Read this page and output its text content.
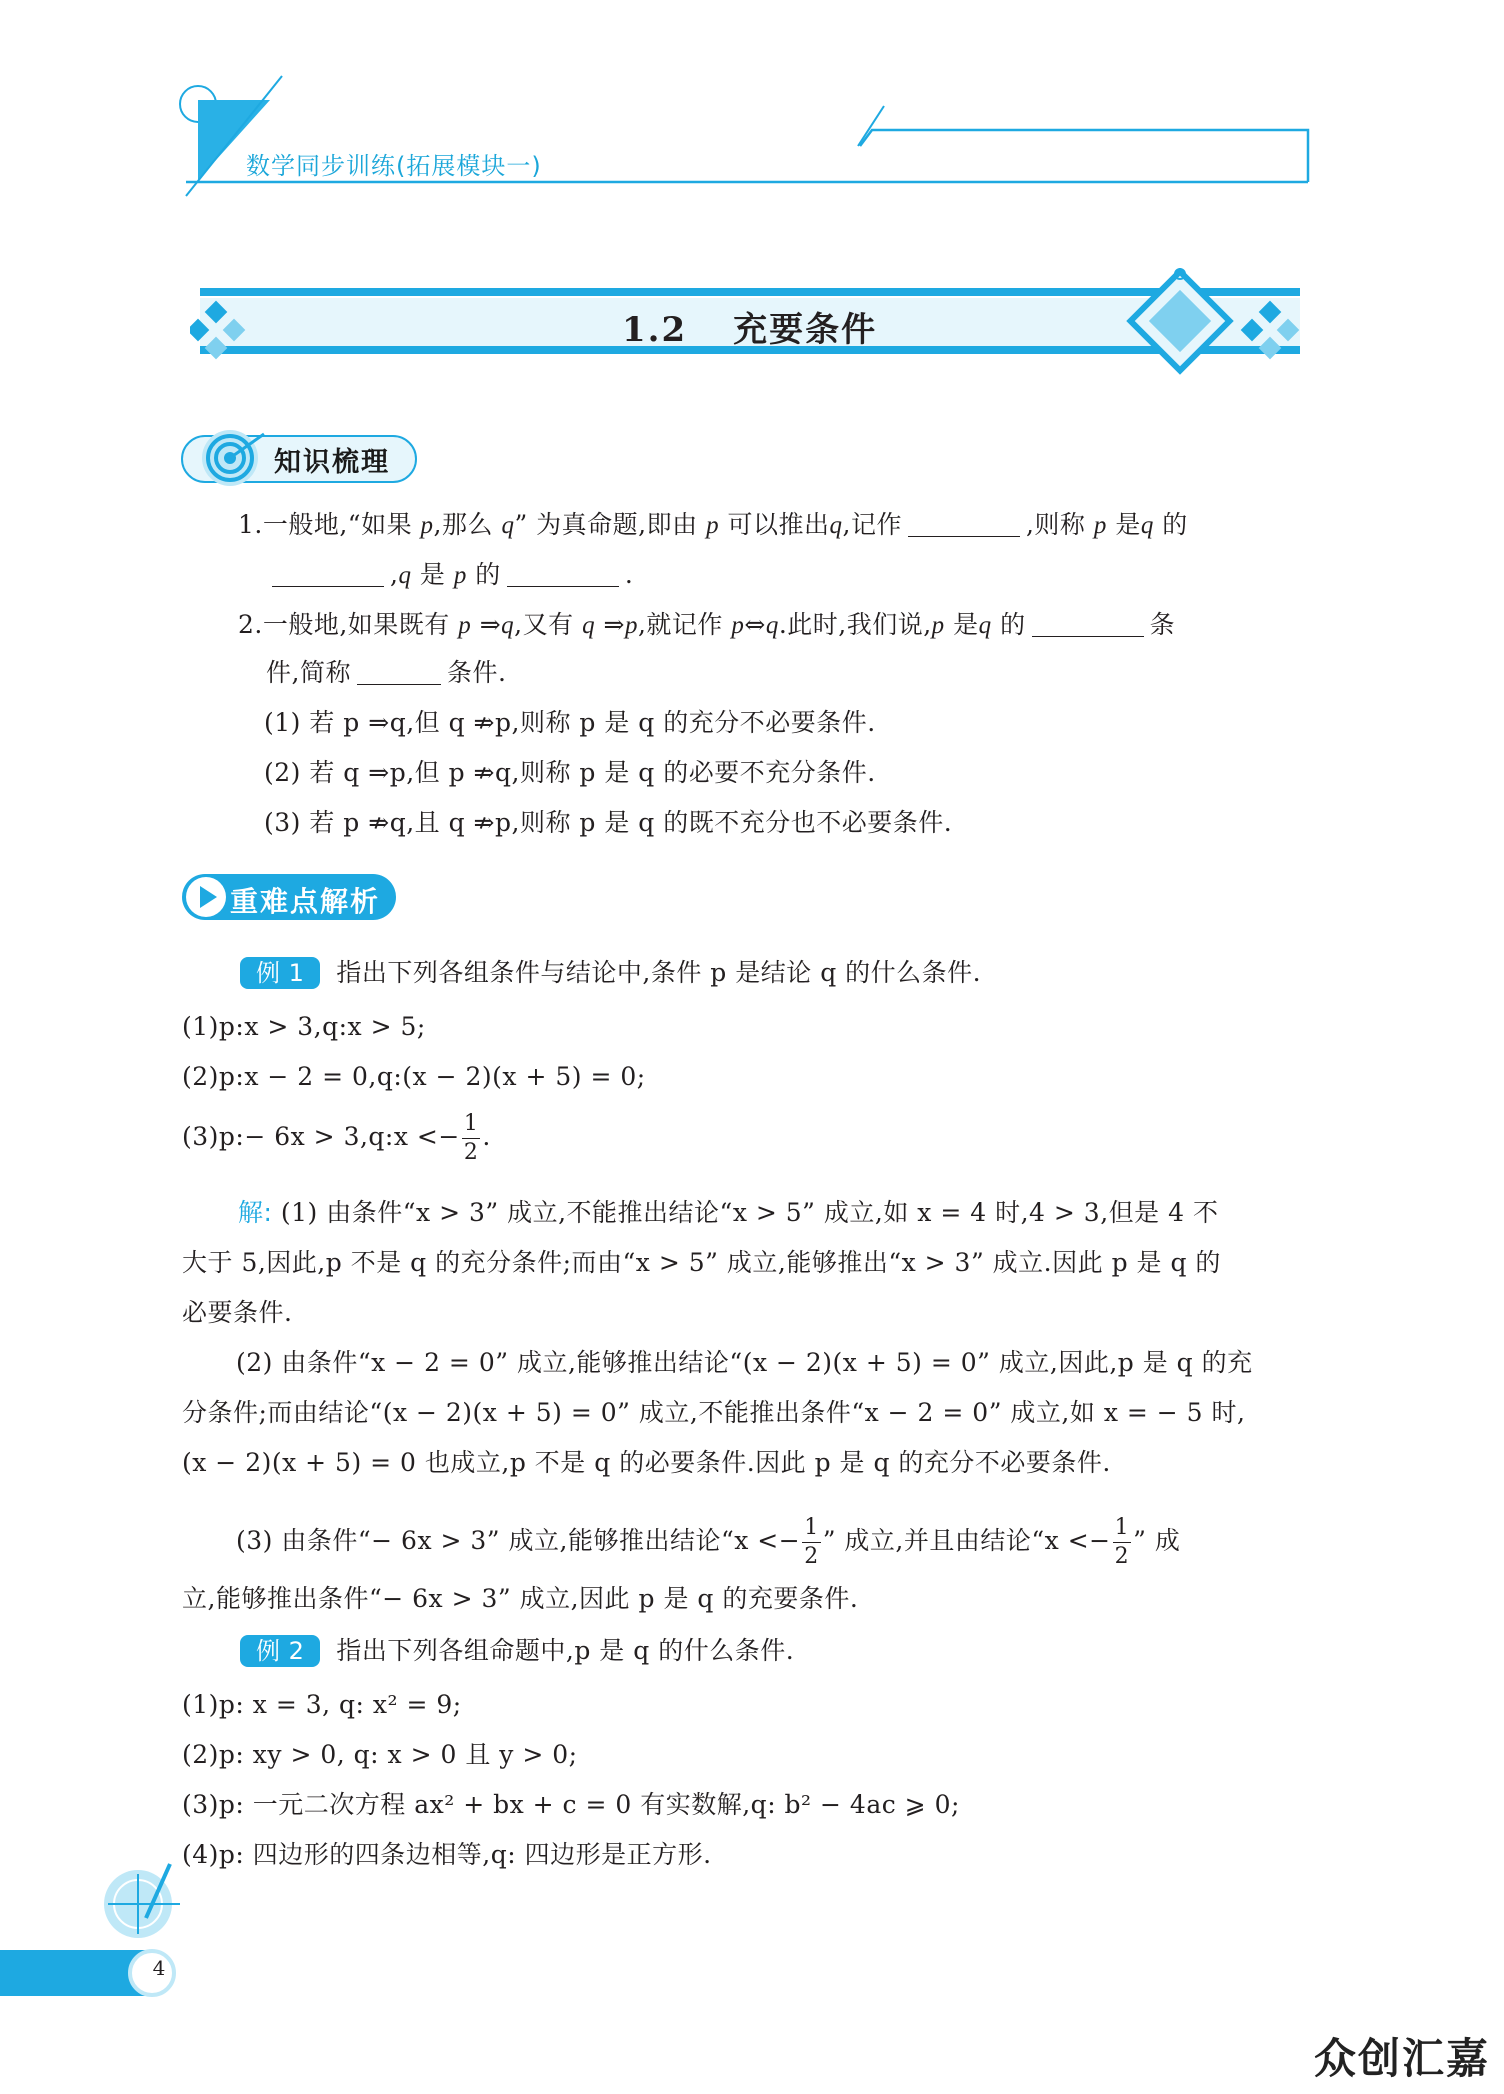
数学同步训练(拓展模块一)
1.2 充要条件
知识梳理
1.一般地,“如果 p,那么 q” 为真命题,即由 p 可以推出q,记作	,则称 p 是q 的
,q 是 p 的	.
2.一般地,如果既有 p ⇒q,又有 q ⇒p,就记作 p⇔q.此时,我们说,p 是q 的	条
件,简称	条件.
(1) 若 p ⇒q,但 q ⇏p,则称 p 是 q 的充分不必要条件.
(2) 若 q ⇒p,但 p ⇏q,则称 p 是 q 的必要不充分条件.
(3) 若 p ⇏q,且 q ⇏p,则称 p 是 q 的既不充分也不必要条件.
重难点解析
例 1 指出下列各组条件与结论中,条件 p 是结论 q 的什么条件.
(1)p:x > 3,q:x > 5;
(2)p:x − 2 = 0,q:(x − 2)(x + 5) = 0;
(3)p:− 6x > 3,q:x <− $\frac{1}{2}$ .
解: (1) 由条件“x > 3” 成立,不能推出结论“x > 5” 成立,如 x = 4 时,4 > 3,但是 4 不
大于 5,因此,p 不是 q 的充分条件;而由“x > 5” 成立,能够推出“x > 3” 成立.因此 p 是 q 的
必要条件.
(2) 由条件“x − 2 = 0” 成立,能够推出结论“(x − 2)(x + 5) = 0” 成立,因此,p 是 q 的充
分条件;而由结论“(x − 2)(x + 5) = 0” 成立,不能推出条件“x − 2 = 0” 成立,如 x = − 5 时,
(x − 2)(x + 5) = 0 也成立,p 不是 q 的必要条件.因此 p 是 q 的充分不必要条件.
(3) 由条件“− 6x > 3” 成立,能够推出结论“$x <- \frac{1}{2}$ ” 成立,并且由结论“$x <- \frac{1}{2}$ ” 成
立,能够推出条件“− 6x > 3” 成立,因此 p 是 q 的充要条件.
例 2 指出下列各组命题中,p 是 q 的什么条件.
(1)p: x = 3, q: x² = 9;
(2)p: xy > 0, q: x > 0 且 y > 0;
(3)p: 一元二次方程 ax² + bx + c = 0 有实数解,q: b² − 4ac ⩾ 0;
(4)p: 四边形的四条边相等,q: 四边形是正方形.
4
众创汇嘉
